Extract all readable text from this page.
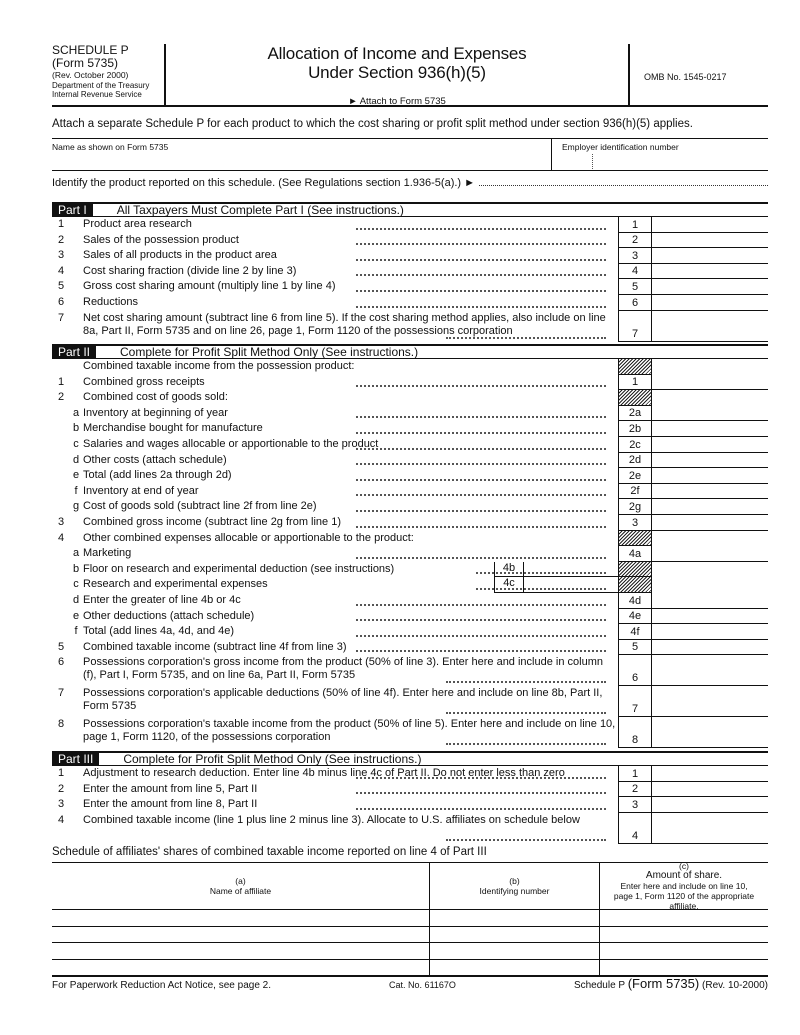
SCHEDULE P
(Form 5735)
(Rev. October 2000)
Department of the Treasury
Internal Revenue Service
Allocation of Income and Expenses
Under Section 936(h)(5)
► Attach to Form 5735
OMB No. 1545-0217
Attach a separate Schedule P for each product to which the cost sharing or profit split method under section 936(h)(5) applies.
Name as shown on Form 5735	Employer identification number
Identify the product reported on this schedule. (See Regulations section 1.936-5(a).) ►
Part I	All Taxpayers Must Complete Part I (See instructions.)
1	Product area research	1
2	Sales of the possession product	2
3	Sales of all products in the product area	3
4	Cost sharing fraction (divide line 2 by line 3)	4
5	Gross cost sharing amount (multiply line 1 by line 4)	5
6	Reductions	6
7	Net cost sharing amount (subtract line 6 from line 5). If the cost sharing method applies, also include on line 8a, Part II, Form 5735 and on line 26, page 1, Form 1120 of the possessions corporation	7
Part II	Complete for Profit Split Method Only (See instructions.)
Combined taxable income from the possession product:
1	Combined gross receipts	1
2	Combined cost of goods sold:
a Inventory at beginning of year	2a
b Merchandise bought for manufacture	2b
c Salaries and wages allocable or apportionable to the product	2c
d Other costs (attach schedule)	2d
e Total (add lines 2a through 2d)	2e
f Inventory at end of year	2f
g Cost of goods sold (subtract line 2f from line 2e)	2g
3	Combined gross income (subtract line 2g from line 1)	3
4	Other combined expenses allocable or apportionable to the product:
a Marketing	4a
b Floor on research and experimental deduction (see instructions)	4b
c Research and experimental expenses	4c
d Enter the greater of line 4b or 4c	4d
e Other deductions (attach schedule)	4e
f Total (add lines 4a, 4d, and 4e)	4f
5	Combined taxable income (subtract line 4f from line 3)	5
6	Possessions corporation's gross income from the product (50% of line 3). Enter here and include in column (f), Part I, Form 5735, and on line 6a, Part II, Form 5735	6
7	Possessions corporation's applicable deductions (50% of line 4f). Enter here and include on line 8b, Part II, Form 5735	7
8	Possessions corporation's taxable income from the product (50% of line 5). Enter here and include on line 10, page 1, Form 1120, of the possessions corporation	8
Part III	Complete for Profit Split Method Only (See instructions.)
1	Adjustment to research deduction. Enter line 4b minus line 4c of Part II. Do not enter less than zero	1
2	Enter the amount from line 5, Part II	2
3	Enter the amount from line 8, Part II	3
4	Combined taxable income (line 1 plus line 2 minus line 3). Allocate to U.S. affiliates on schedule below
4
Schedule of affiliates' shares of combined taxable income reported on line 4 of Part III
(a)
Name of affiliate
(b)
Identifying number
(c)
Amount of share.
Enter here and include on line 10,
page 1, Form 1120 of the appropriate
affiliate.
For Paperwork Reduction Act Notice, see page 2.	Cat. No. 61167O	Schedule P (Form 5735) (Rev. 10-2000)
